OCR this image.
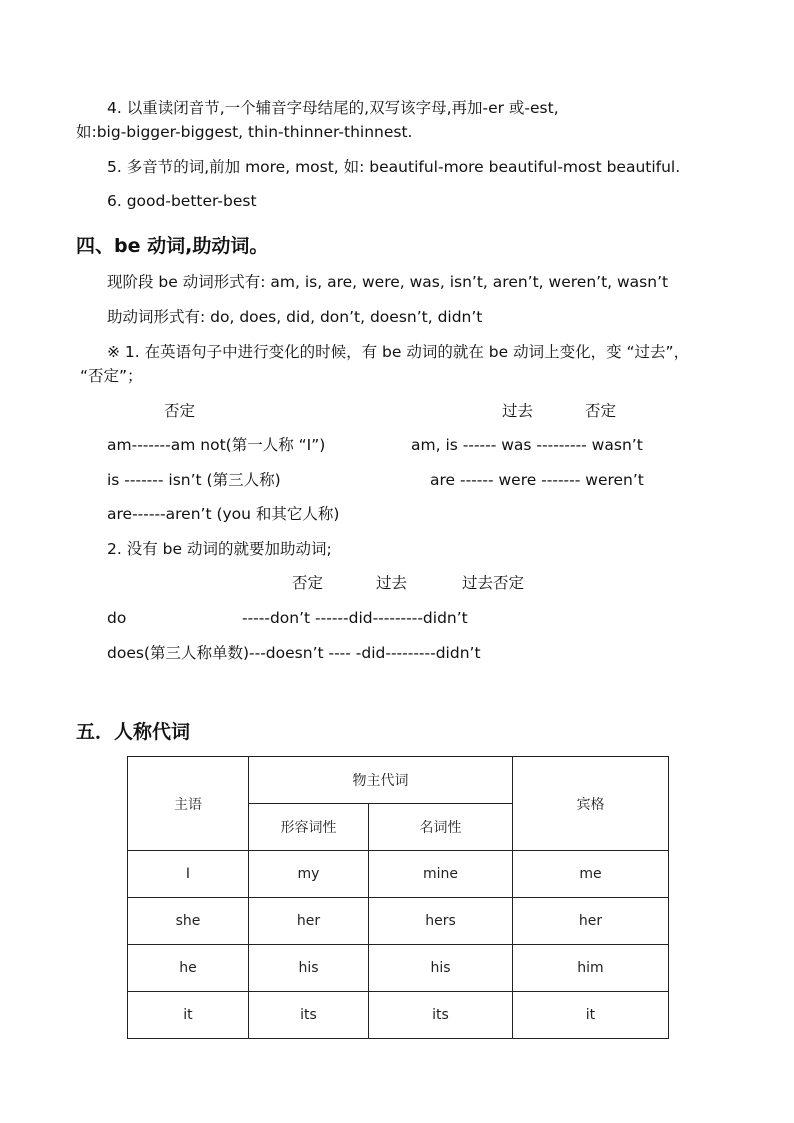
4. 以重读闭音节,一个辅音字母结尾的,双写该字母,再加-er 或-est,
如:big-bigger-biggest, thin-thinner-thinnest.
5. 多音节的词,前加 more, most, 如: beautiful-more beautiful-most beautiful.
6. good-better-best
四、be 动词,助动词。
现阶段 be 动词形式有: am, is, are, were, was, isn’t, aren’t, weren’t, wasn’t
助动词形式有: do, does, did, don’t, doesn’t, didn’t
※ 1. 在英语句子中进行变化的时候，有 be 动词的就在 be 动词上变化，变 “过去”，
“否定”；
否定	过去	否定
am-------am not(第一人称 “I”)	am, is ------ was --------- wasn’t
is ------- isn’t (第三人称)	are ------ were ------- weren’t
are------aren’t (you 和其它人称)
2. 没有 be 动词的就要加助动词;
否定	过去	过去否定
do	-----don’t ------did---------didn’t
does(第三人称单数)---doesn’t ---- -did---------didn’t
五．人称代词
主语	物主代词		宾格
	形容词性	名词性	
I	my	mine	me
she	her	hers	her
he	his	his	him
it	its	its	it
